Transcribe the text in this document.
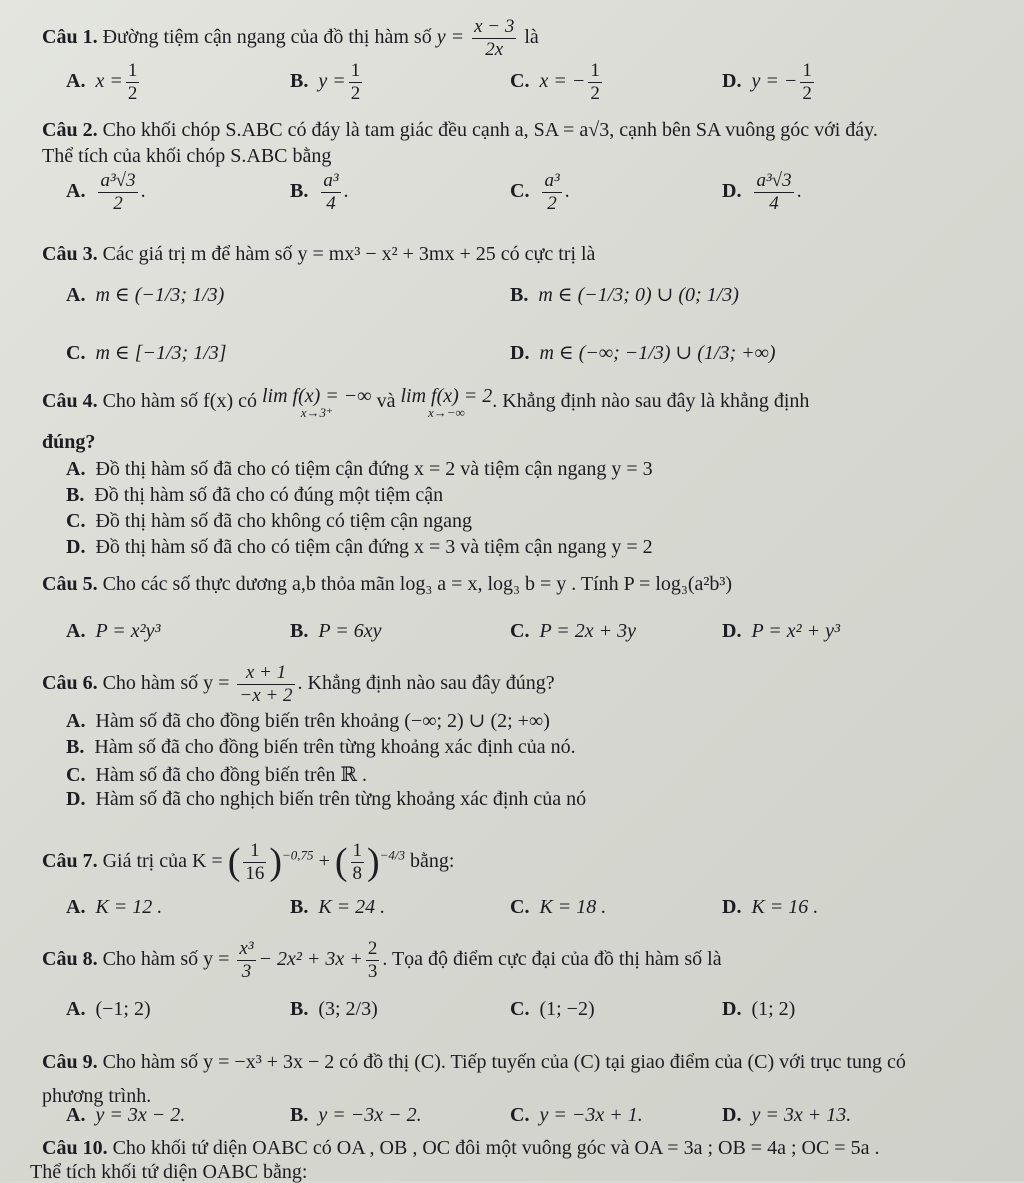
Câu 1. Đường tiệm cận ngang của đồ thị hàm số $y = \frac{x - 3}{2x}$ là
A. $x = \frac{1}{2}$	B. $y = \frac{1}{2}$	C. x = − $\frac{1}{2}$	D. y = − $\frac{1}{2}$
Câu 2. Cho khối chóp S.ABC có đáy là tam giác đều cạnh a, SA = a√3, cạnh bên SA vuông góc với đáy.
Thể tích của khối chóp S.ABC bằng
A. $\frac{\text{a³√3}}{2}$ .	B. $\frac{\text{a³}}{4}$ .	C. $\frac{\text{a³}}{2}$ .	D. $\frac{\text{a³√3}}{4}$ .
Câu 3. Các giá trị m để hàm số y = mx³ − x² + 3mx + 25 có cực trị là
A. m ∈ (−1/3; 1/3)	B. m ∈ (−1/3; 0) ∪ (0; 1/3)
C. m ∈ [−1/3; 1/3]	D. m ∈ (−∞; −1/3) ∪ (1/3; +∞)
Câu 4. Cho hàm số f(x) có lim f(x) = −∞
x→3⁺
và lim f(x) = 2
x→−∞
. Khẳng định nào sau đây là khẳng định
đúng?
A. Đồ thị hàm số đã cho có tiệm cận đứng x = 2 và tiệm cận ngang y = 3
B. Đồ thị hàm số đã cho có đúng một tiệm cận
C. Đồ thị hàm số đã cho không có tiệm cận ngang
D. Đồ thị hàm số đã cho có tiệm cận đứng x = 3 và tiệm cận ngang y = 2
Câu 5. Cho các số thực dương a,b thỏa mãn log₃ a = x, log₃ b = y . Tính P = log₃(a²b³)
A. P = x²y³	B. P = 6xy	C. P = 2x + 3y	D. P = x² + y³
Câu 6. Cho hàm số $y = \frac{x + 1}{-x + 2}$ . Khẳng định nào sau đây đúng?
A. Hàm số đã cho đồng biến trên khoảng (−∞; 2) ∪ (2; +∞)
B. Hàm số đã cho đồng biến trên từng khoảng xác định của nó.
C. Hàm số đã cho đồng biến trên ℝ .
D. Hàm số đã cho nghịch biến trên từng khoảng xác định của nó
Câu 7. Giá trị của K = ( $\frac{1}{16} )^{-0,75}$ + ( $\frac{1}{8} )^{-4/3}$ bằng:
A. K = 12 .	B. K = 24 .	C. K = 18 .	D. K = 16 .
Câu 8. Cho hàm số $y = \frac{\text{x³}}{3} - 2x^2 + 3x + \frac{2}{3}$ . Tọa độ điểm cực đại của đồ thị hàm số là
A. (−1; 2)	B. (3; 2/3)	C. (1; −2)	D. (1; 2)
Câu 9. Cho hàm số y = −x³ + 3x − 2 có đồ thị (C). Tiếp tuyến của (C) tại giao điểm của (C) với trục tung có
phương trình.
A. y = 3x − 2.	B. y = −3x − 2.	C. y = −3x + 1.	D. y = 3x + 13.
Câu 10. Cho khối tứ diện OABC có OA , OB , OC đôi một vuông góc và OA = 3a ; OB = 4a ; OC = 5a .
Thể tích khối tứ diện OABC bằng:
